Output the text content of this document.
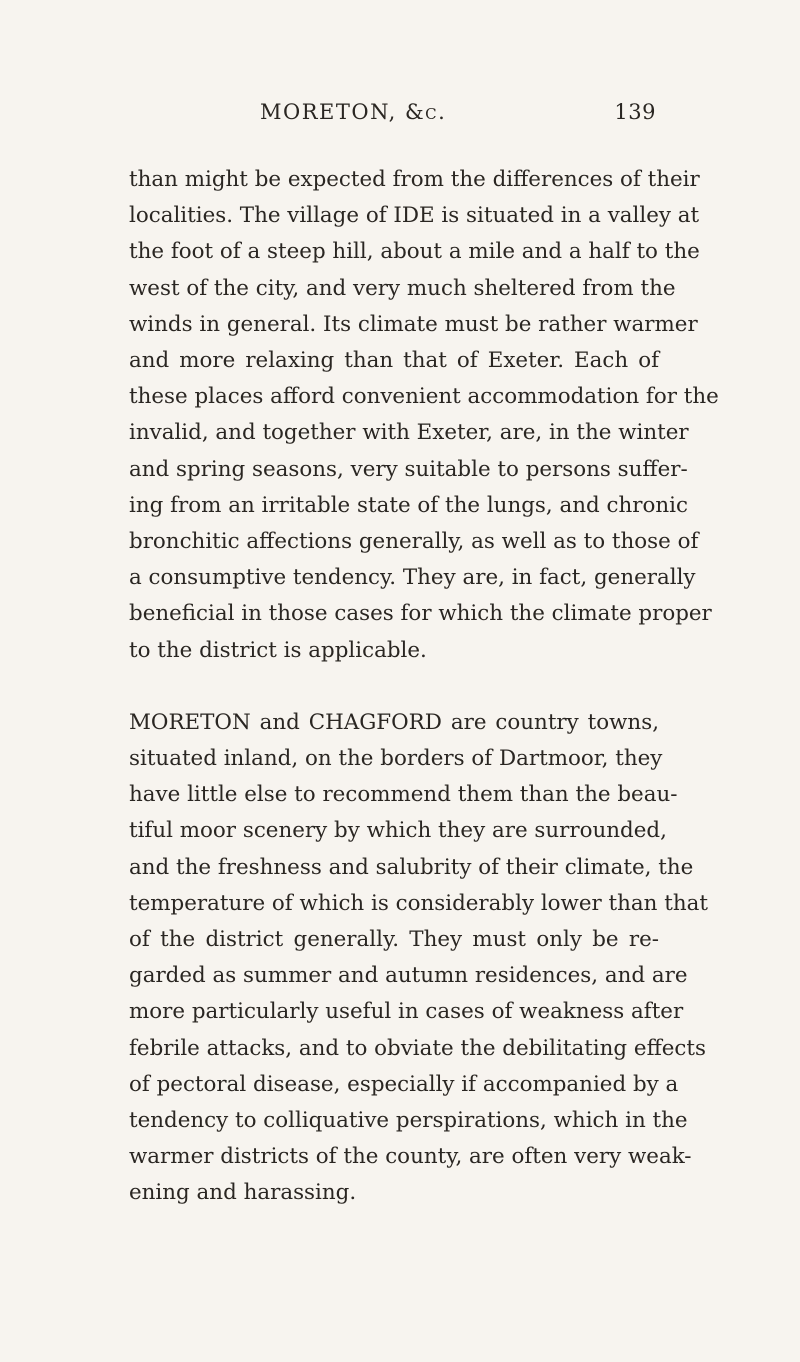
MORETON, &c.	139
than might be expected from the differences of their
localities. The village of IDE is situated in a valley at
the foot of a steep hill, about a mile and a half to the
west of the city, and very much sheltered from the
winds in general. Its climate must be rather warmer
and more relaxing than that of Exeter. Each of
these places afford convenient accommodation for the
invalid, and together with Exeter, are, in the winter
and spring seasons, very suitable to persons suffer-
ing from an irritable state of the lungs, and chronic
bronchitic affections generally, as well as to those of
a consumptive tendency. They are, in fact, generally
beneficial in those cases for which the climate proper
to the district is applicable.
MORETON and CHAGFORD are country towns,
situated inland, on the borders of Dartmoor, they
have little else to recommend them than the beau-
tiful moor scenery by which they are surrounded,
and the freshness and salubrity of their climate, the
temperature of which is considerably lower than that
of the district generally. They must only be re-
garded as summer and autumn residences, and are
more particularly useful in cases of weakness after
febrile attacks, and to obviate the debilitating effects
of pectoral disease, especially if accompanied by a
tendency to colliquative perspirations, which in the
warmer districts of the county, are often very weak-
ening and harassing.
